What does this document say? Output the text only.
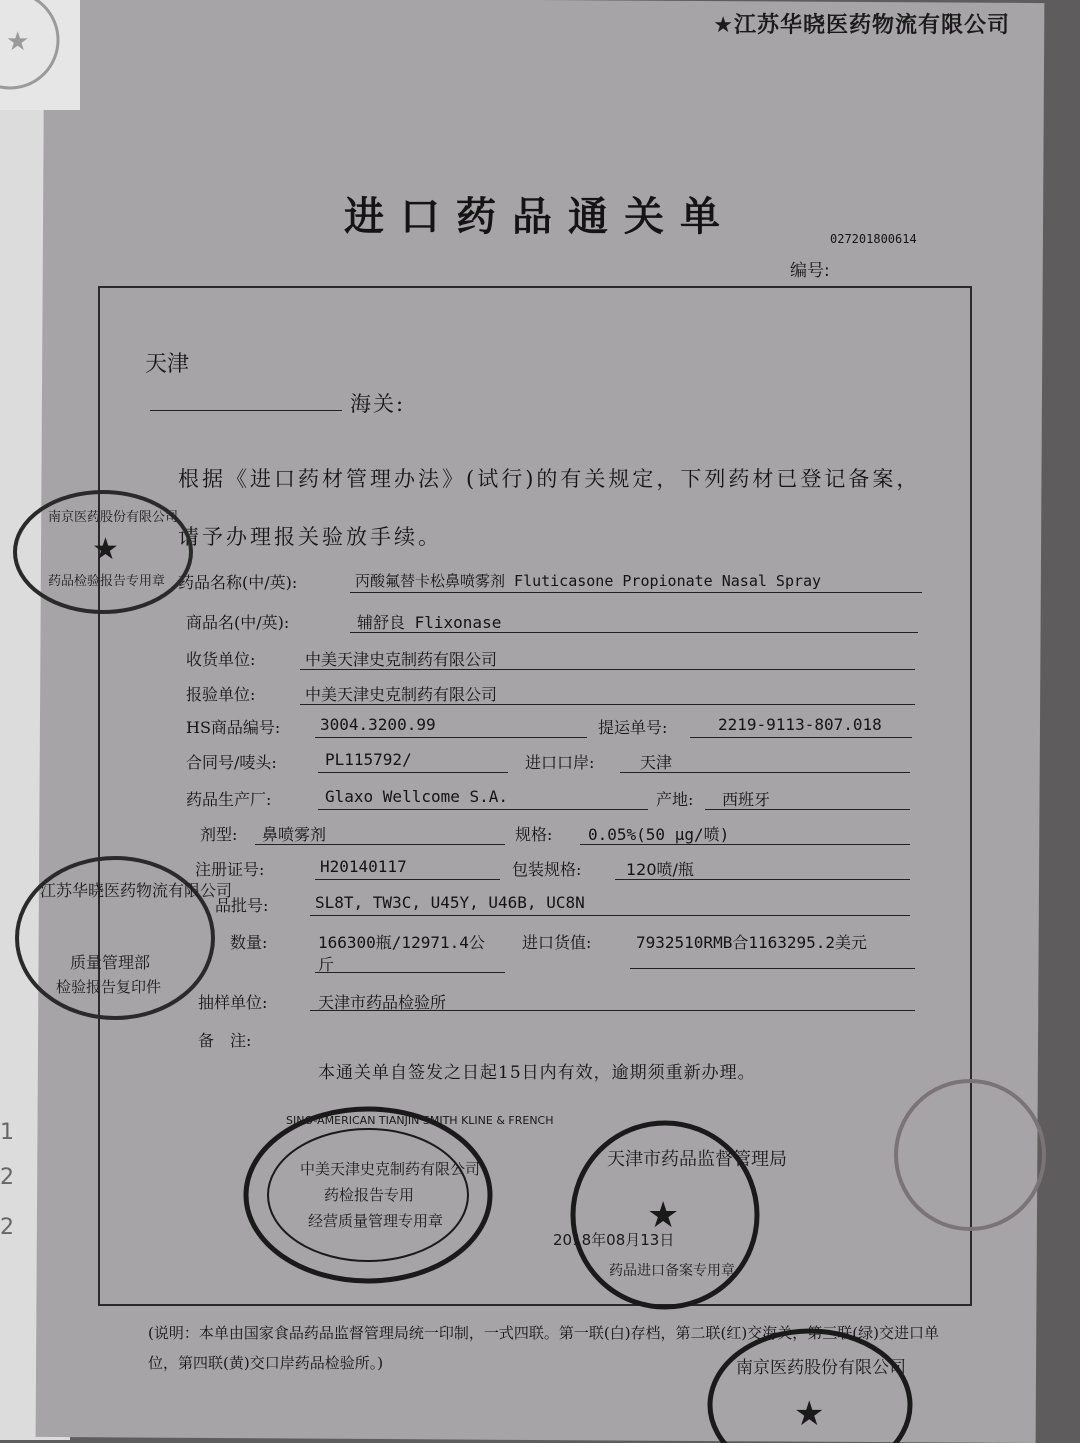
1
2
2
★江苏华晓医药物流有限公司
进口药品通关单	027201800614
编号:
天津
海关:
根据《进口药材管理办法》(试行)的有关规定，下列药材已登记备案，请予办理报关验放手续。
药品名称(中/英):	丙酸氟替卡松鼻喷雾剂 Fluticasone Propionate Nasal Spray
商品名(中/英):	辅舒良 Flixonase
收货单位:	中美天津史克制药有限公司
报验单位:	中美天津史克制药有限公司
HS商品编号: 3004.3200.99	提运单号:	2219-9113-807.018
合同号/唛头:	PL115792/	进口口岸:	天津
药品生产厂:	Glaxo Wellcome S.A.	产地: 西班牙
剂型: 鼻喷雾剂	规格: 0.05%(50 μg/喷)
注册证号:	H20140117	包装规格:	120喷/瓶
品批号:	SL8T, TW3C, U45Y, U46B, UC8N
数量:	166300瓶/12971.4公
斤
进口货值:	7932510RMB合1163295.2美元
抽样单位:	天津市药品检验所
备　注:
本通关单自签发之日起15日内有效，逾期须重新办理。
(说明：本单由国家食品药品监督管理局统一印制，一式四联。第一联(白)存档，第二联(红)交海关，第三联(绿)交进口单位，第四联(黄)交口岸药品检验所。)
★
★
药品检验报告专用章
南京医药股份有限公司
江苏华晓医药物流有限公司
质量管理部
检验报告复印件
SINO-AMERICAN TIANJIN SMITH KLINE & FRENCH
中美天津史克制药有限公司
药检报告专用
经营质量管理专用章
天津市药品监督管理局
★
2018年08月13日
药品进口备案专用章
南京医药股份有限公司
★
